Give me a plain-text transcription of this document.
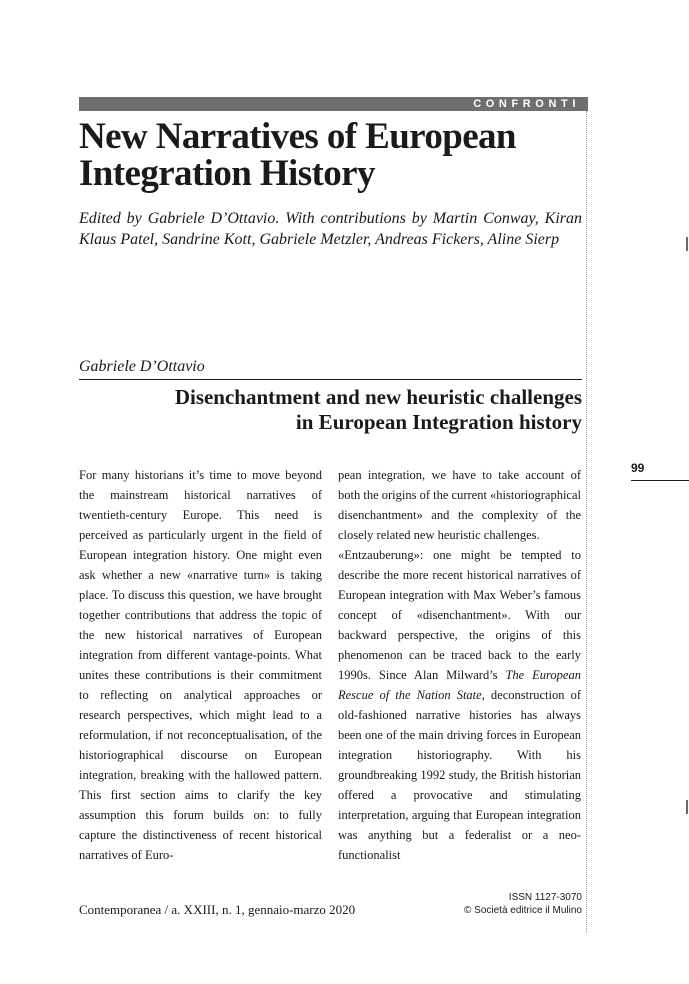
CONFRONTI
New Narratives of European Integration History

Edited by Gabriele D’Ottavio. With contributions by Martin Conway, Kiran Klaus Patel, Sandrine Kott, Gabriele Metzler, Andreas Fickers, Aline Sierp

Gabriele D’Ottavio

Disenchantment and new heuristic challenges
in European Integration history
99

For many historians it’s time to move beyond the mainstream historical narratives of twentieth-century Europe. This need is perceived as particularly urgent in the field of European integration history. One might even ask whether a new «narrative turn» is taking place. To discuss this question, we have brought together contributions that address the topic of the new historical narratives of European integration from different vantage-points. What unites these contributions is their commitment to reflecting on analytical approaches or research perspectives, which might lead to a reformulation, if not reconceptualisation, of the historiographical discourse on European integration, breaking with the hallowed pattern. This first section aims to clarify the key assumption this forum builds on: to fully capture the distinctiveness of recent historical narratives of Euro-

pean integration, we have to take account of both the origins of the current «historiographical disenchantment» and the complexity of the closely related new heuristic challenges.

«Entzauberung»: one might be tempted to describe the more recent historical narratives of European integration with Max Weber’s famous concept of «disenchantment». With our backward perspective, the origins of this phenomenon can be traced back to the early 1990s. Since Alan Milward’s The European Rescue of the Nation State, deconstruction of old-fashioned narrative histories has always been one of the main driving forces in European integration historiography. With his groundbreaking 1992 study, the British historian offered a provocative and stimulating interpretation, arguing that European integration was anything but a federalist or a neo-functionalist

Contemporanea / a. XXIII, n. 1, gennaio-marzo 2020
ISSN 1127-3070
© Società editrice il Mulino
